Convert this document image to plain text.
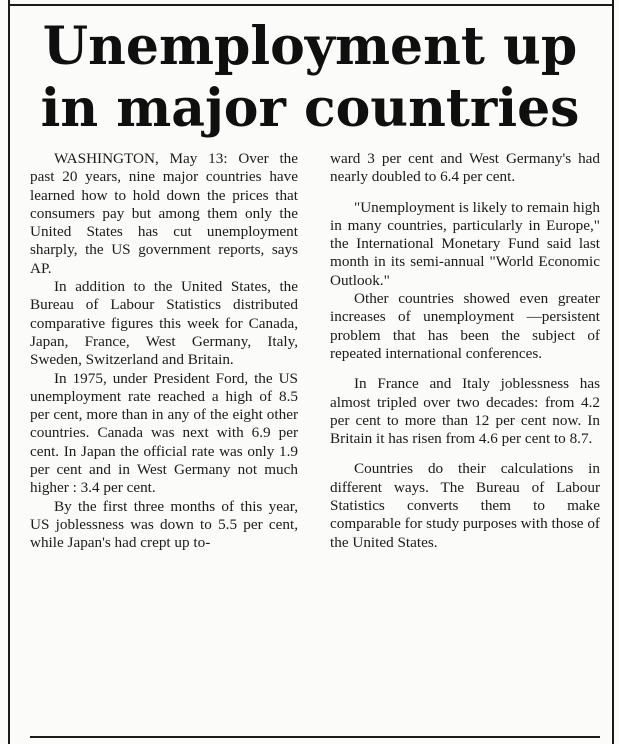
Unemployment up in major countries

WASHINGTON, May 13: Over the past 20 years, nine major countries have learned how to hold down the prices that consumers pay but among them only the United States has cut unemployment sharply, the US government reports, says AP.

In addition to the United States, the Bureau of Labour Statistics distributed comparative figures this week for Canada, Japan, France, West Germany, Italy, Sweden, Switzerland and Britain.

In 1975, under President Ford, the US unemployment rate reached a high of 8.5 per cent, more than in any of the eight other countries. Canada was next with 6.9 per cent. In Japan the official rate was only 1.9 per cent and in West Germany not much higher : 3.4 per cent.

By the first three months of this year, US joblessness was down to 5.5 per cent, while Japan's had crept up to-

ward 3 per cent and West Germany's had nearly doubled to 6.4 per cent.

"Unemployment is likely to remain high in many countries, particularly in Europe," the International Monetary Fund said last month in its semi-annual "World Economic Outlook."

Other countries showed even greater increases of unemployment —persistent problem that has been the subject of repeated international conferences.

In France and Italy joblessness has almost tripled over two decades: from 4.2 per cent to more than 12 per cent now. In Britain it has risen from 4.6 per cent to 8.7.

Countries do their calculations in different ways. The Bureau of Labour Statistics converts them to make comparable for study purposes with those of the United States.
